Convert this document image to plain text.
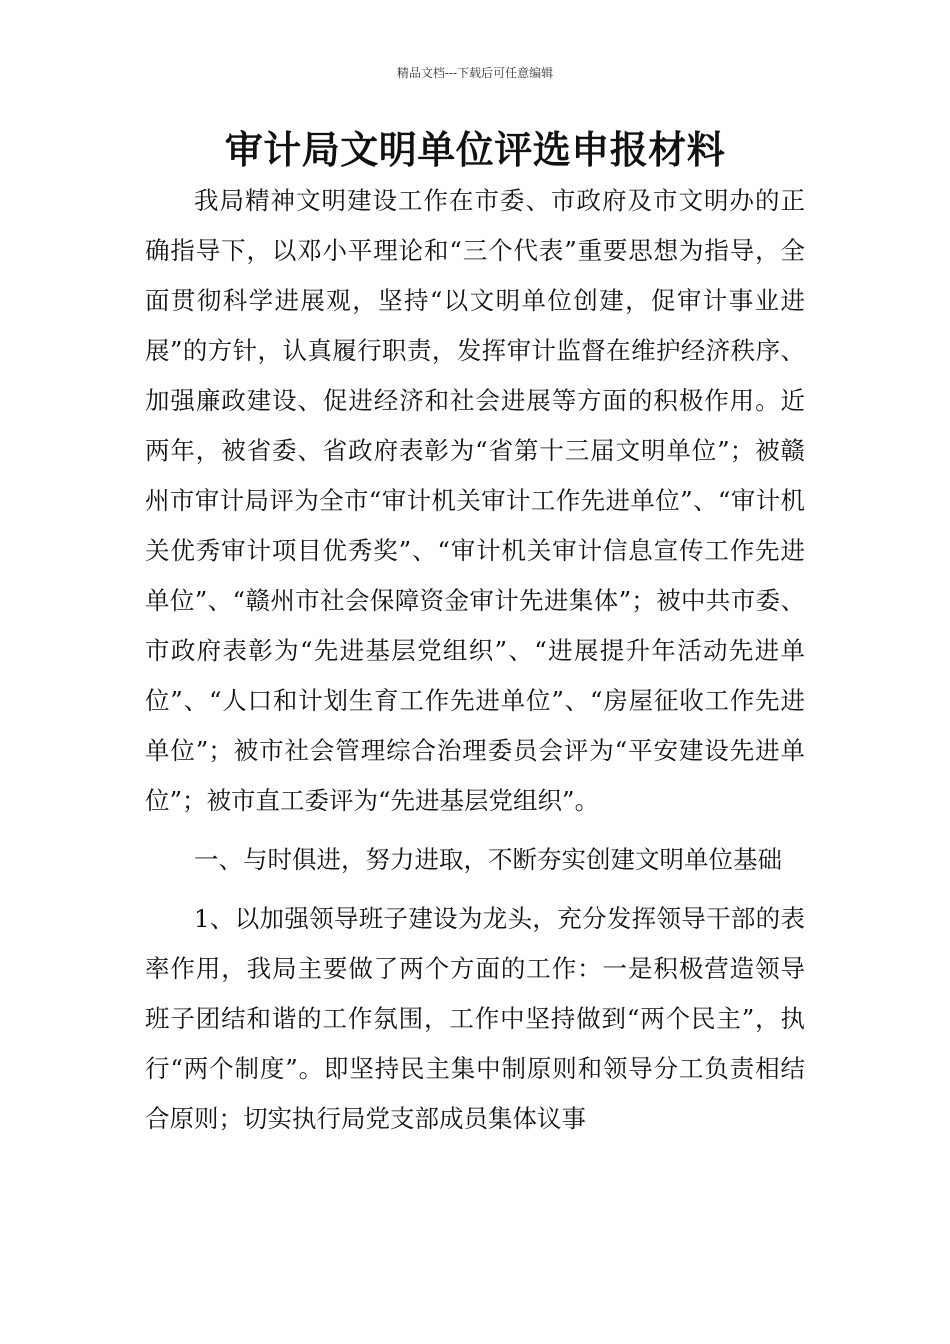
精品文档---下载后可任意编辑
审计局文明单位评选申报材料

我局精神文明建设工作在市委、市政府及市文明办的正确指导下，以邓小平理论和“三个代表”重要思想为指导，全面贯彻科学进展观，坚持“以文明单位创建，促审计事业进展”的方针，认真履行职责，发挥审计监督在维护经济秩序、加强廉政建设、促进经济和社会进展等方面的积极作用。近两年，被省委、省政府表彰为“省第十三届文明单位”；被赣州市审计局评为全市“审计机关审计工作先进单位”、“审计机关优秀审计项目优秀奖”、“审计机关审计信息宣传工作先进单位”、“赣州市社会保障资金审计先进集体”；被中共市委、市政府表彰为“先进基层党组织”、“进展提升年活动先进单位”、“人口和计划生育工作先进单位”、“房屋征收工作先进单位”；被市社会管理综合治理委员会评为“平安建设先进单位”；被市直工委评为“先进基层党组织”。

一、与时俱进，努力进取，不断夯实创建文明单位基础

1、以加强领导班子建设为龙头，充分发挥领导干部的表率作用，我局主要做了两个方面的工作：一是积极营造领导班子团结和谐的工作氛围，工作中坚持做到“两个民主”，执行“两个制度”。即坚持民主集中制原则和领导分工负责相结合原则；切实执行局党支部成员集体议事
